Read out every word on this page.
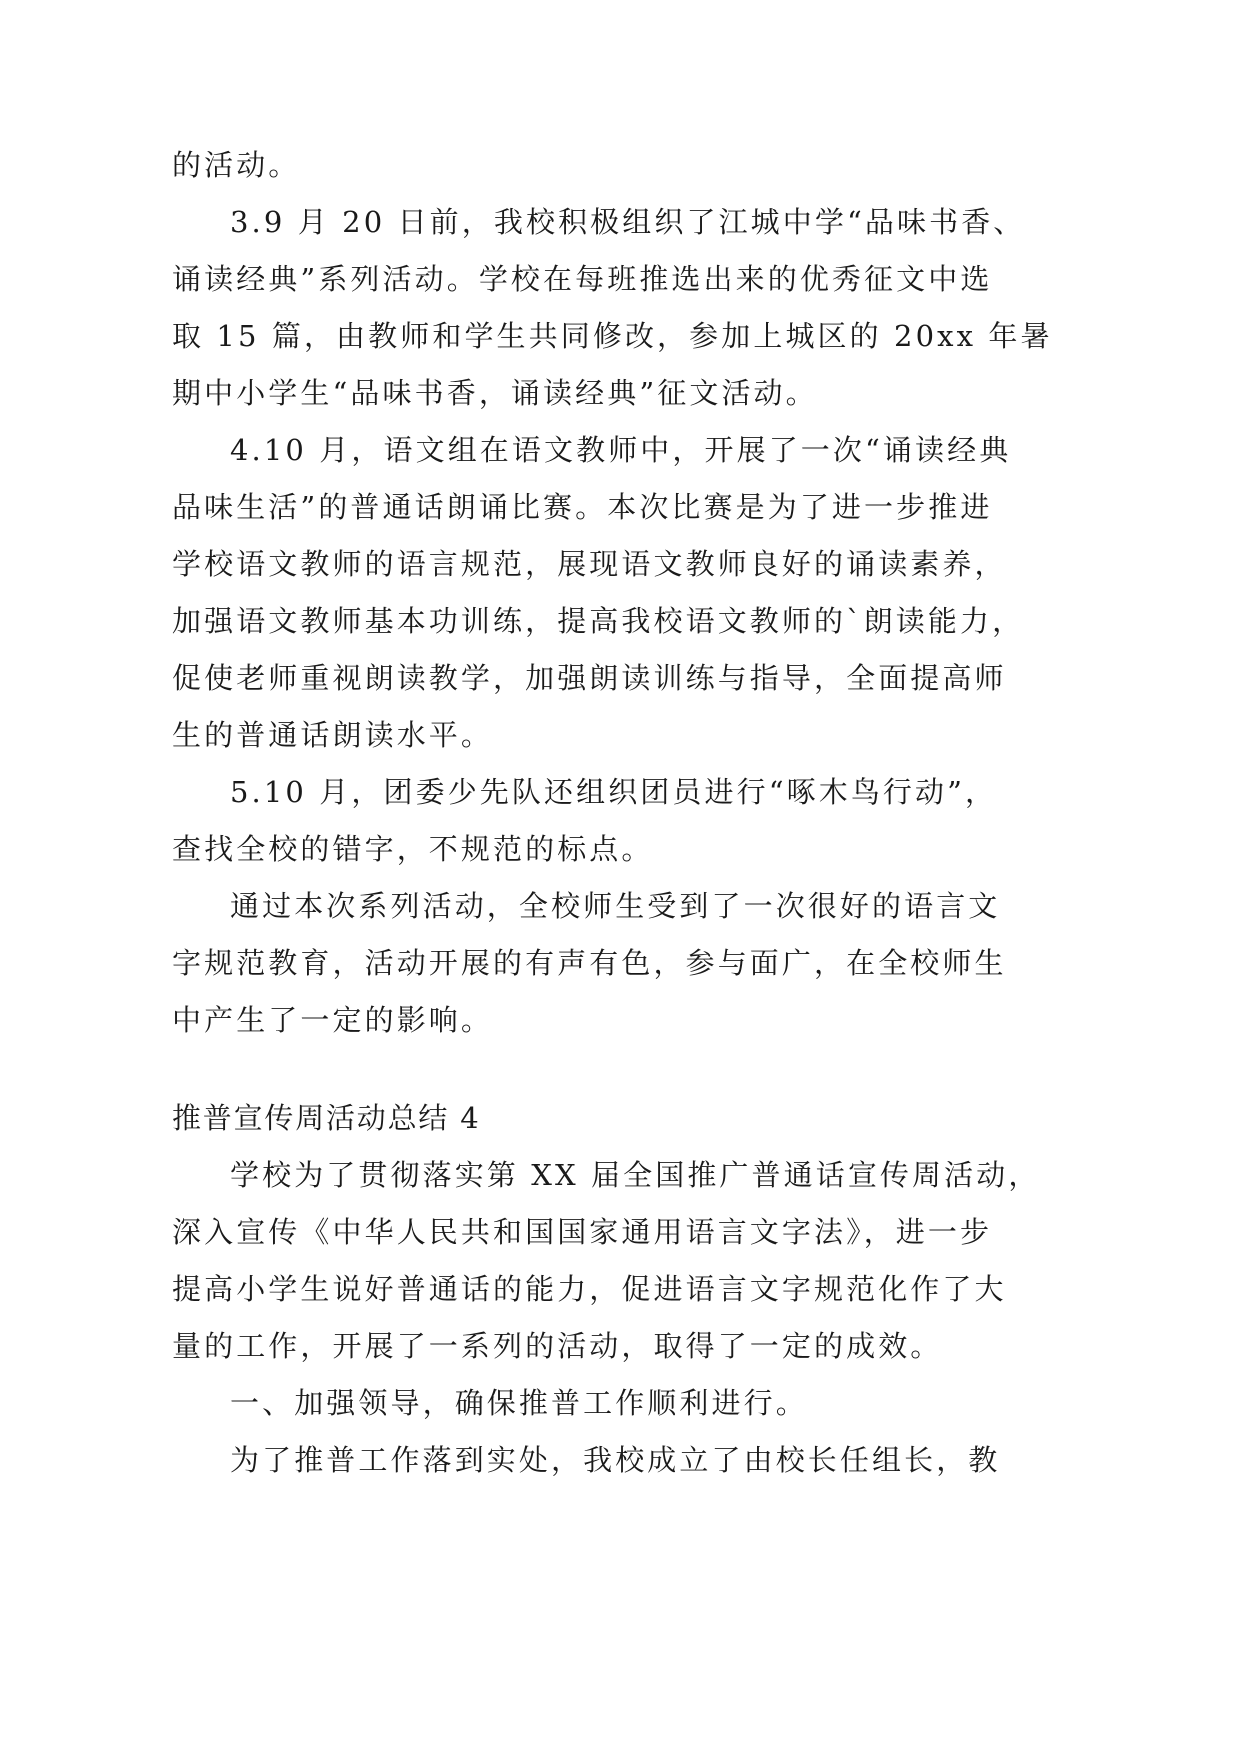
的活动。

3.9 月 20 日前，我校积极组织了江城中学“品味书香、

诵读经典”系列活动。学校在每班推选出来的优秀征文中选

取 15 篇，由教师和学生共同修改，参加上城区的 20xx 年暑

期中小学生“品味书香，诵读经典”征文活动。

4.10 月，语文组在语文教师中，开展了一次“诵读经典

品味生活”的普通话朗诵比赛。本次比赛是为了进一步推进

学校语文教师的语言规范，展现语文教师良好的诵读素养，

加强语文教师基本功训练，提高我校语文教师的`朗读能力，

促使老师重视朗读教学，加强朗读训练与指导，全面提高师

生的普通话朗读水平。

5.10 月，团委少先队还组织团员进行“啄木鸟行动”，

查找全校的错字，不规范的标点。

通过本次系列活动，全校师生受到了一次很好的语言文

字规范教育，活动开展的有声有色，参与面广，在全校师生

中产生了一定的影响。

推普宣传周活动总结 4

学校为了贯彻落实第 XX 届全国推广普通话宣传周活动，

深入宣传《中华人民共和国国家通用语言文字法》，进一步

提高小学生说好普通话的能力，促进语言文字规范化作了大

量的工作，开展了一系列的活动，取得了一定的成效。

一、加强领导，确保推普工作顺利进行。

为了推普工作落到实处，我校成立了由校长任组长，教
